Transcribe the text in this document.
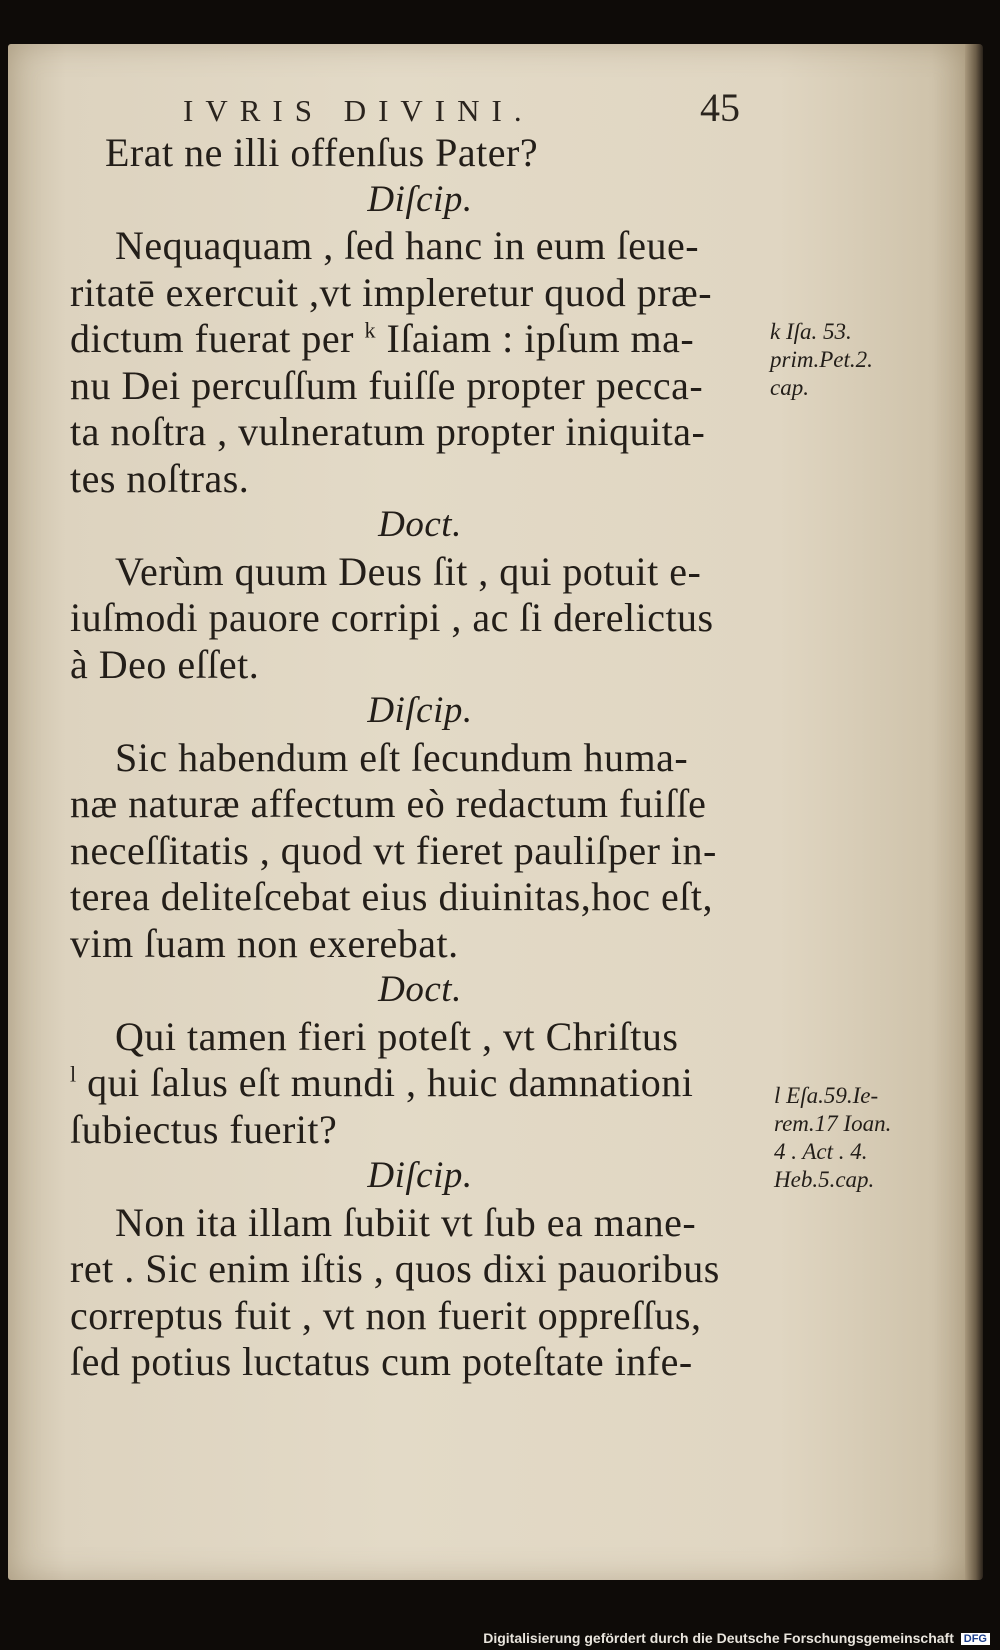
IVRIS DIVINI.	45
Erat ne illi offenſus Pater?
Diſcip.
Nequaquam , ſed hanc in eum ſeue-
ritatē exercuit ,vt impleretur quod præ-
dictum fuerat per $^k$ Iſaiam : ipſum ma-
nu Dei percuſſum fuiſſe propter pecca-
ta noſtra , vulneratum propter iniquita-
tes noſtras.
Doct.
Verùm quum Deus ſit , qui potuit e-
iuſmodi pauore corripi , ac ſi derelictus
à Deo eſſet.
Diſcip.
Sic habendum eſt ſecundum huma-
næ naturæ affectum eò redactum fuiſſe
neceſſitatis , quod vt fieret pauliſper in-
terea deliteſcebat eius diuinitas,hoc eſt,
vim ſuam non exerebat.
Doct.
Qui tamen fieri poteſt , vt Chriſtus
$^l$ qui ſalus eſt mundi , huic damnationi
ſubiectus fuerit?
Diſcip.
Non ita illam ſubiit vt ſub ea mane-
ret . Sic enim iſtis , quos dixi pauoribus
correptus fuit , vt non fuerit oppreſſus,
ſed potius luctatus cum poteſtate infe-
k Iſa. 53.
prim.Pet.2.
cap.
l Eſa.59.Ie-
rem.17 Ioan.
4 . Act . 4.
Heb.5.cap.
Digitalisierung gefördert durch die Deutsche Forschungsgemeinschaft DFG
